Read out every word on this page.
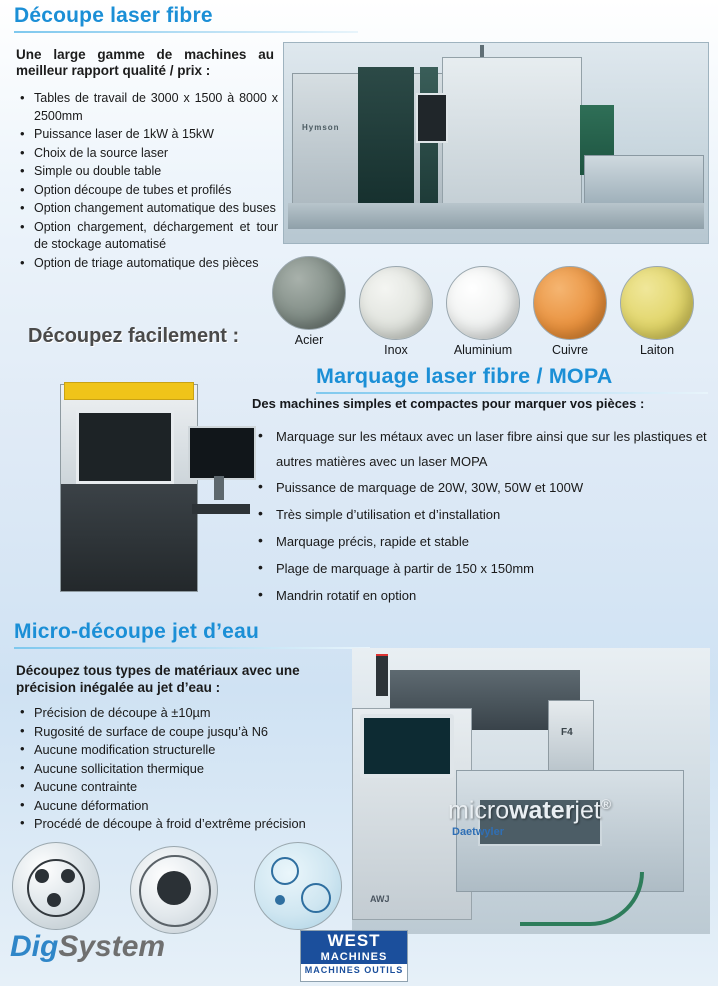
Découpe laser fibre
Une large gamme de machines au meilleur rapport qualité / prix :
• Tables de travail de 3000 x 1500 à 8000 x 2500mm
• Puissance laser de 1kW à 15kW
• Choix de la source laser
• Simple ou double table
• Option découpe de tubes et profilés
• Option changement automatique des buses
• Option chargement, déchargement et tour de stockage automatisé
• Option de triage automatique des pièces
Hymson
Acier
Inox	Aluminium	Cuivre	Laiton
Découpez facilement :
Marquage laser fibre / MOPA
Des machines simples et compactes pour marquer vos pièces :
• Marquage sur les métaux avec un laser fibre ainsi que sur les plastiques et autres matières avec un laser MOPA
• Puissance de marquage de 20W, 30W, 50W et 100W
• Très simple d’utilisation et d’installation
• Marquage précis, rapide et stable
• Plage de marquage à partir de 150 x 150mm
• Mandrin rotatif en option
Micro-découpe jet d’eau
Découpez tous types de matériaux avec une précision inégalée au jet d’eau :
• Précision de découpe à ±10µm
• Rugosité de surface de coupe jusqu’à N6
• Aucune modification structurelle
• Aucune sollicitation thermique
• Aucune contrainte
• Aucune déformation
• Procédé de découpe à froid d’extrême précision
F4
microwaterjet®
Daetwyler
AWJ
DigSystem	WEST
MACHINES
MACHINES OUTILS
